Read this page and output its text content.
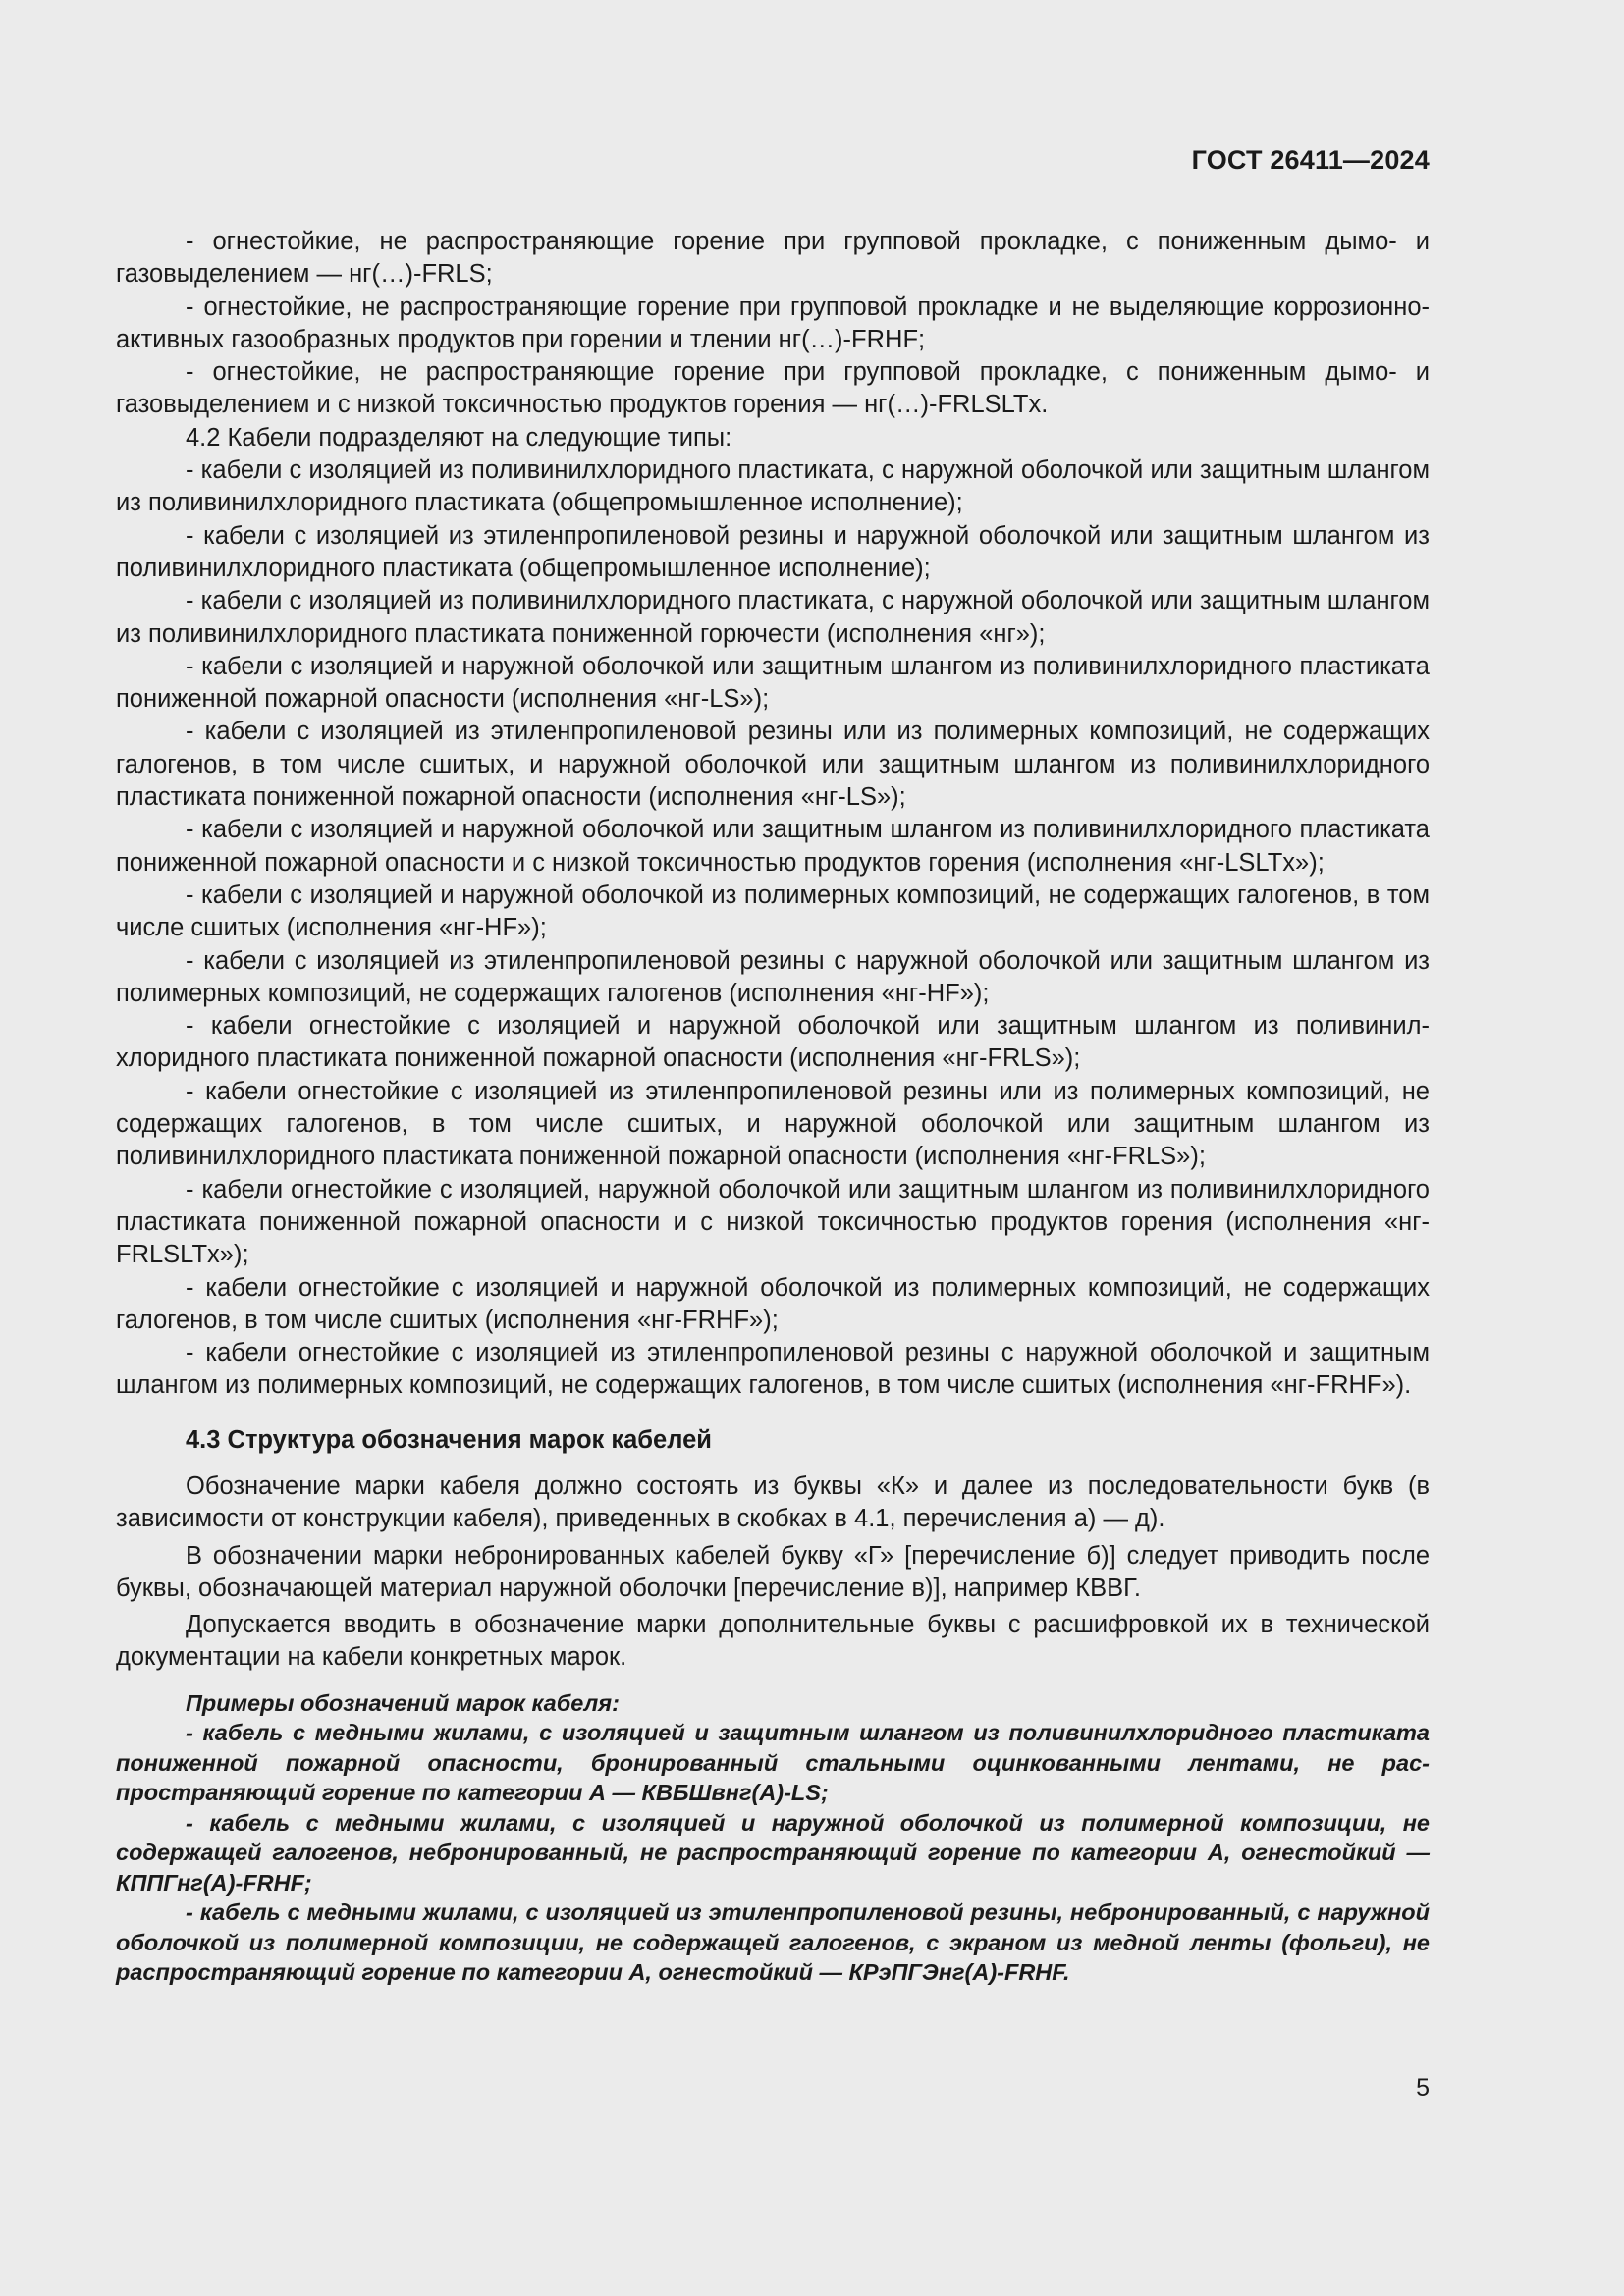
ГОСТ 26411—2024

- огнестойкие, не распространяющие горение при групповой прокладке, с пониженным дымо- и газовыделением — нг(…)-FRLS;

- огнестойкие, не распространяющие горение при групповой прокладке и не выделяющие коррозионно-активных газообразных продуктов при горении и тлении нг(…)-FRHF;

- огнестойкие, не распространяющие горение при групповой прокладке, с пониженным дымо- и газовыделением и с низкой токсичностью продуктов горения — нг(…)-FRLSLTx.

4.2 Кабели подразделяют на следующие типы:

- кабели с изоляцией из поливинилхлоридного пластиката, с наружной оболочкой или защитным шлангом из поливинилхлоридного пластиката (общепромышленное исполнение);

- кабели с изоляцией из этиленпропиленовой резины и наружной оболочкой или защитным шлангом из поливинилхлоридного пластиката (общепромышленное исполнение);

- кабели с изоляцией из поливинилхлоридного пластиката, с наружной оболочкой или защитным шлангом из поливинилхлоридного пластиката пониженной горючести (исполнения «нг»);

- кабели с изоляцией и наружной оболочкой или защитным шлангом из поливинилхлоридного пластиката пониженной пожарной опасности (исполнения «нг-LS»);

- кабели с изоляцией из этиленпропиленовой резины или из полимерных композиций, не содержащих галогенов, в том числе сшитых, и наружной оболочкой или защитным шлангом из поливинилхлоридного пластиката пониженной пожарной опасности (исполнения «нг-LS»);

- кабели с изоляцией и наружной оболочкой или защитным шлангом из поливинилхлоридного пластиката пониженной пожарной опасности и с низкой токсичностью продуктов горения (исполнения «нг-LSLTx»);

- кабели с изоляцией и наружной оболочкой из полимерных композиций, не содержащих галогенов, в том числе сшитых (исполнения «нг-HF»);

- кабели с изоляцией из этиленпропиленовой резины с наружной оболочкой или защитным шлангом из полимерных композиций, не содержащих галогенов (исполнения «нг-HF»);

- кабели огнестойкие с изоляцией и наружной оболочкой или защитным шлангом из поливинилхлоридного пластиката пониженной пожарной опасности (исполнения «нг-FRLS»);

- кабели огнестойкие с изоляцией из этиленпропиленовой резины или из полимерных композиций, не содержащих галогенов, в том числе сшитых, и наружной оболочкой или защитным шлангом из поливинилхлоридного пластиката пониженной пожарной опасности (исполнения «нг-FRLS»);

- кабели огнестойкие с изоляцией, наружной оболочкой или защитным шлангом из поливинилхлоридного пластиката пониженной пожарной опасности и с низкой токсичностью продуктов горения (исполнения «нг-FRLSLTx»);

- кабели огнестойкие с изоляцией и наружной оболочкой из полимерных композиций, не содержащих галогенов, в том числе сшитых (исполнения «нг-FRHF»);

- кабели огнестойкие с изоляцией из этиленпропиленовой резины с наружной оболочкой и защитным шлангом из полимерных композиций, не содержащих галогенов, в том числе сшитых (исполнения «нг-FRHF»).

4.3 Структура обозначения марок кабелей

Обозначение марки кабеля должно состоять из буквы «К» и далее из последовательности букв (в зависимости от конструкции кабеля), приведенных в скобках в 4.1, перечисления а) — д).

В обозначении марки небронированных кабелей букву «Г» [перечисление б)] следует приводить после буквы, обозначающей материал наружной оболочки [перечисление в)], например КВВГ.

Допускается вводить в обозначение марки дополнительные буквы с расшифровкой их в технической документации на кабели конкретных марок.

Примеры обозначений марок кабеля:

- кабель с медными жилами, с изоляцией и защитным шлангом из поливинилхлоридного пластиката пониженной пожарной опасности, бронированный стальными оцинкованными лентами, не распространяющий горение по категории А — КВБШвнг(А)-LS;

- кабель с медными жилами, с изоляцией и наружной оболочкой из полимерной композиции, не содержащей галогенов, небронированный, не распространяющий горение по категории А, огнестойкий — КППГнг(А)-FRHF;

- кабель с медными жилами, с изоляцией из этиленпропиленовой резины, небронированный, с наружной оболочкой из полимерной композиции, не содержащей галогенов, с экраном из медной ленты (фольги), не распространяющий горение по категории А, огнестойкий — КРэПГЭнг(А)-FRHF.

5
